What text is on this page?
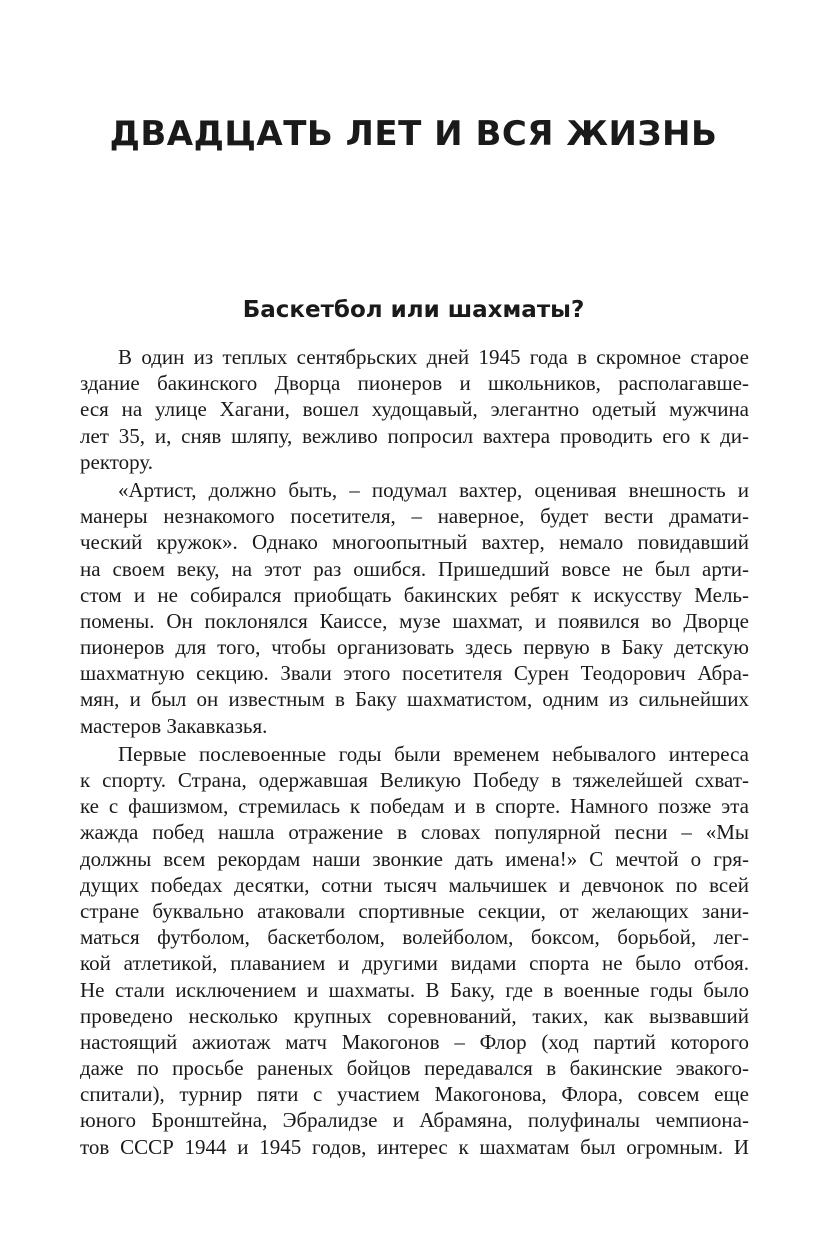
ДВАДЦАТЬ ЛЕТ И ВСЯ ЖИЗНЬ
Баскетбол или шахматы?

В один из теплых сентябрьских дней 1945 года в скромное старое
здание бакинского Дворца пионеров и школьников, располагавше-
еся на улице Хагани, вошел худощавый, элегантно одетый мужчина
лет 35, и, сняв шляпу, вежливо попросил вахтера проводить его к ди-
ректору.

«Артист, должно быть, – подумал вахтер, оценивая внешность и
манеры незнакомого посетителя, – наверное, будет вести драмати-
ческий кружок». Однако многоопытный вахтер, немало повидавший
на своем веку, на этот раз ошибся. Пришедший вовсе не был арти-
стом и не собирался приобщать бакинских ребят к искусству Мель-
помены. Он поклонялся Каиссе, музе шахмат, и появился во Дворце
пионеров для того, чтобы организовать здесь первую в Баку детскую
шахматную секцию. Звали этого посетителя Сурен Теодорович Абра-
мян, и был он известным в Баку шахматистом, одним из сильнейших
мастеров Закавказья.

Первые послевоенные годы были временем небывалого интереса
к спорту. Страна, одержавшая Великую Победу в тяжелейшей схват-
ке с фашизмом, стремилась к победам и в спорте. Намного позже эта
жажда побед нашла отражение в словах популярной песни – «Мы
должны всем рекордам наши звонкие дать имена!» С мечтой о гря-
дущих победах десятки, сотни тысяч мальчишек и девчонок по всей
стране буквально атаковали спортивные секции, от желающих зани-
маться футболом, баскетболом, волейболом, боксом, борьбой, лег-
кой атлетикой, плаванием и другими видами спорта не было отбоя.
Не стали исключением и шахматы. В Баку, где в военные годы было
проведено несколько крупных соревнований, таких, как вызвавший
настоящий ажиотаж матч Макогонов – Флор (ход партий которого
даже по просьбе раненых бойцов передавался в бакинские эвакого-
спитали), турнир пяти с участием Макогонова, Флора, совсем еще
юного Бронштейна, Эбралидзе и Абрамяна, полуфиналы чемпиона-
тов СССР 1944 и 1945 годов, интерес к шахматам был огромным. И
